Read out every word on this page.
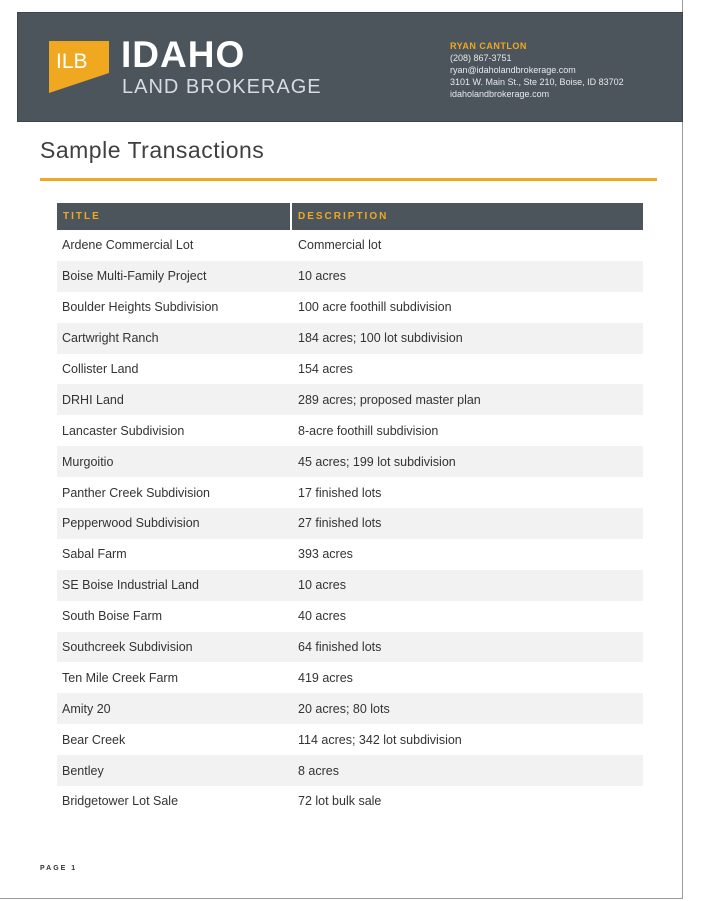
ILB IDAHO
LAND BROKERAGE
RYAN CANTLON
(208) 867-3751
ryan@idaholandbrokerage.com
3101 W. Main St., Ste 210, Boise, ID 83702
idaholandbrokerage.com
Sample Transactions
TITLE	DESCRIPTION
Ardene Commercial Lot	Commercial lot
Boise Multi-Family Project	10 acres
Boulder Heights Subdivision	100 acre foothill subdivision
Cartwright Ranch	184 acres; 100 lot subdivision
Collister Land	154 acres
DRHI Land	289 acres; proposed master plan
Lancaster Subdivision	8-acre foothill subdivision
Murgoitio	45 acres; 199 lot subdivision
Panther Creek Subdivision	17 finished lots
Pepperwood Subdivision	27 finished lots
Sabal Farm	393 acres
SE Boise Industrial Land	10 acres
South Boise Farm	40 acres
Southcreek Subdivision	64 finished lots
Ten Mile Creek Farm	419 acres
Amity 20	20 acres; 80 lots
Bear Creek	114 acres; 342 lot subdivision
Bentley	8 acres
Bridgetower Lot Sale	72 lot bulk sale
PAGE 1
